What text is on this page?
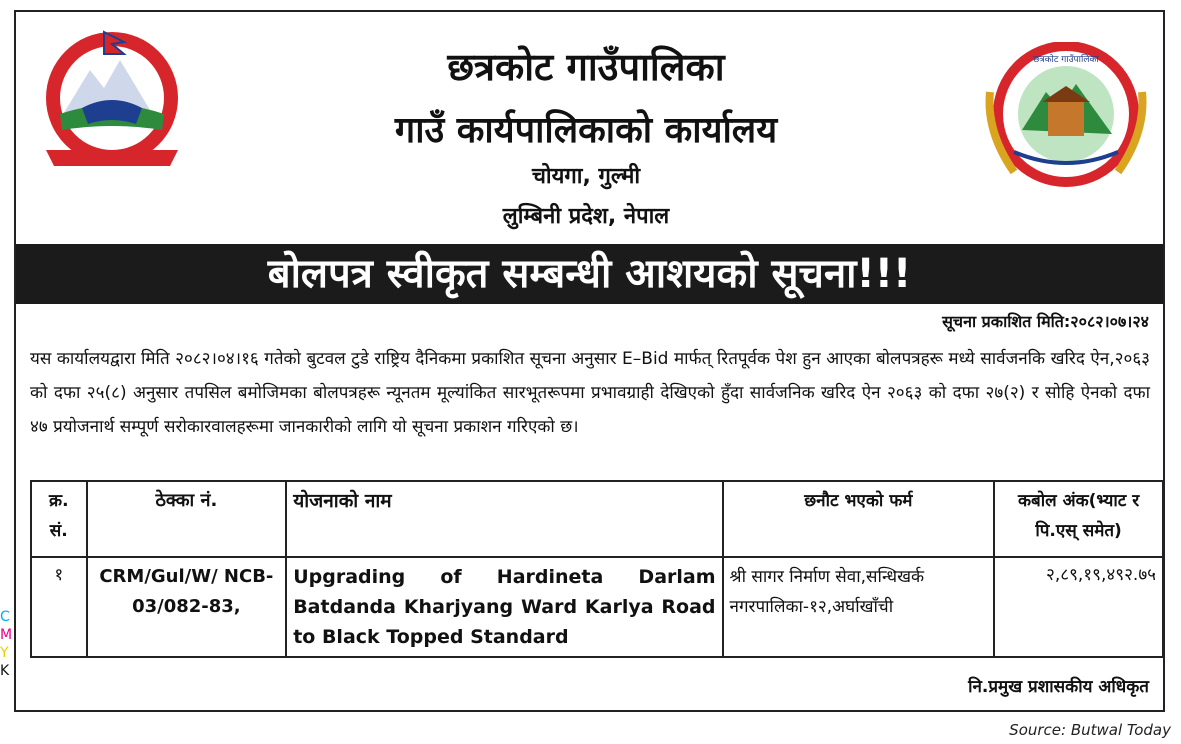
छत्रकोट गाउँपालिका
गाउँ कार्यपालिकाको कार्यालय
चोयगा, गुल्मी
लुम्बिनी प्रदेश, नेपाल
छत्रकोट गाउँपालिका
बोलपत्र स्वीकृत सम्बन्धी आशयको सूचना!!!
सूचना प्रकाशित मिति:२०८२।०७।२४
यस कार्यालयद्वारा मिति २०८२।०४।१६ गतेको बुटवल टुडे राष्ट्रिय दैनिकमा प्रकाशित सूचना अनुसार E–Bid मार्फत् रितपूर्वक पेश हुन आएका बोलपत्रहरू मध्ये सार्वजनकि खरिद ऐन,२०६३ को दफा २५(८) अनुसार तपसिल बमोजिमका बोलपत्रहरू न्यूनतम मूल्यांकित सारभूतरूपमा प्रभावग्राही देखिएको हुँदा सार्वजनिक खरिद ऐन २०६३ को दफा २७(२) र सोहि ऐनको दफा ४७ प्रयोजनार्थ सम्पूर्ण सरोकारवालहरूमा जानकारीको लागि यो सूचना प्रकाशन गरिएको छ।
क्र. सं.	ठेक्का नं.	योजनाको नाम	छनौट भएको फर्म	कबोल अंक(भ्याट र पि.एस् समेत)
१	CRM/Gul/W/ NCB-03/082-83,	Upgrading of Hardineta Darlam Batdanda Kharjyang Ward Karlya Road to Black Topped Standard	श्री सागर निर्माण सेवा,सन्धिखर्क नगरपालिका-१२,अर्घाखाँची	२,८९,१९,४९२.७५
नि.प्रमुख प्रशासकीय अधिकृत
C
M
Y
K
Source: Butwal Today
